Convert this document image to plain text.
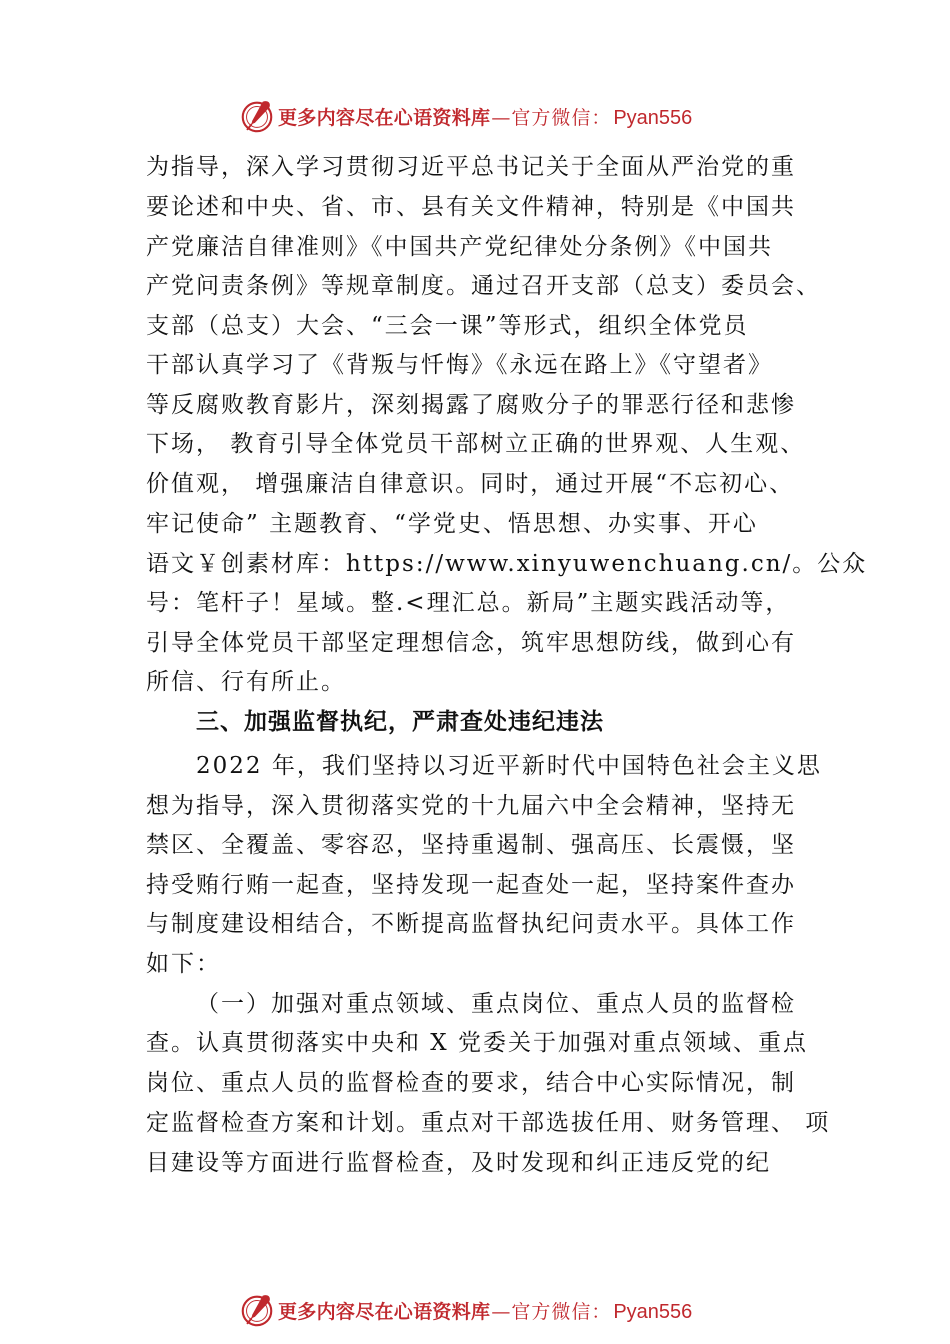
更多内容尽在心语资料库 — 官方微信： Pyan556
为指导，深入学习贯彻习近平总书记关于全面从严治党的重
要论述和中央、省、市、县有关文件精神，特别是《中国共
产党廉洁自律准则》《中国共产党纪律处分条例》《中国共
产党问责条例》等规章制度。通过召开支部（总支）委员会、
支部（总支）大会、“三会一课”等形式，组织全体党员
干部认真学习了《背叛与忏悔》《永远在路上》《守望者》
等反腐败教育影片，深刻揭露了腐败分子的罪恶行径和悲惨
下场， 教育引导全体党员干部树立正确的世界观、人生观、
价值观， 增强廉洁自律意识。同时，通过开展“不忘初心、
牢记使命” 主题教育、“学党史、悟思想、办实事、开心
语文￥创素材库：https://www.xinyuwenchuang.cn/。公众
号：笔杆子！星域。整.<理汇总。新局”主题实践活动等，
引导全体党员干部坚定理想信念，筑牢思想防线，做到心有
所信、行有所止。
三、加强监督执纪，严肃查处违纪违法
2022 年，我们坚持以习近平新时代中国特色社会主义思
想为指导，深入贯彻落实党的十九届六中全会精神，坚持无
禁区、全覆盖、零容忍，坚持重遏制、强高压、长震慑，坚
持受贿行贿一起查，坚持发现一起查处一起，坚持案件查办
与制度建设相结合，不断提高监督执纪问责水平。具体工作
如下：
（一）加强对重点领域、重点岗位、重点人员的监督检
查。认真贯彻落实中央和 X 党委关于加强对重点领域、重点
岗位、重点人员的监督检查的要求，结合中心实际情况，制
定监督检查方案和计划。重点对干部选拔任用、财务管理、 项
目建设等方面进行监督检查，及时发现和纠正违反党的纪
更多内容尽在心语资料库 — 官方微信： Pyan556
